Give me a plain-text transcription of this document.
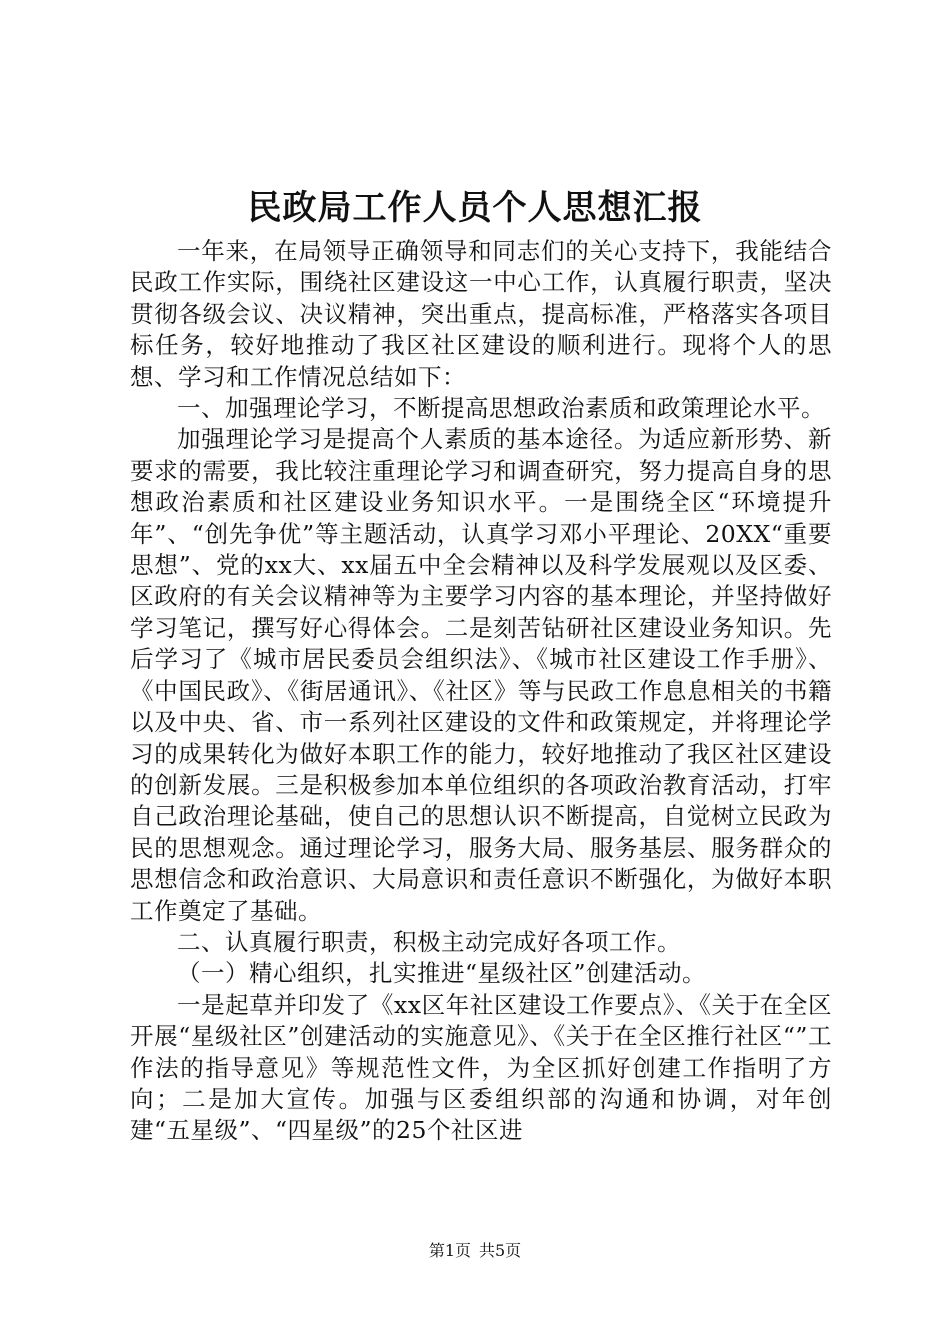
民政局工作人员个人思想汇报

一年来，在局领导正确领导和同志们的关心支持下，我能结合民政工作实际，围绕社区建设这一中心工作，认真履行职责，坚决贯彻各级会议、决议精神，突出重点，提高标准，严格落实各项目标任务，较好地推动了我区社区建设的顺利进行。现将个人的思想、学习和工作情况总结如下：

一、加强理论学习，不断提高思想政治素质和政策理论水平。

加强理论学习是提高个人素质的基本途径。为适应新形势、新要求的需要，我比较注重理论学习和调查研究，努力提高自身的思想政治素质和社区建设业务知识水平。一是围绕全区“环境提升年”、“创先争优”等主题活动，认真学习邓小平理论、20XX“重要思想”、党的xx大、xx届五中全会精神以及科学发展观以及区委、区政府的有关会议精神等为主要学习内容的基本理论，并坚持做好学习笔记，撰写好心得体会。二是刻苦钻研社区建设业务知识。先后学习了《城市居民委员会组织法》、《城市社区建设工作手册》、《中国民政》、《街居通讯》、《社区》等与民政工作息息相关的书籍以及中央、省、市一系列社区建设的文件和政策规定，并将理论学习的成果转化为做好本职工作的能力，较好地推动了我区社区建设的创新发展。三是积极参加本单位组织的各项政治教育活动，打牢自己政治理论基础，使自己的思想认识不断提高，自觉树立民政为民的思想观念。通过理论学习，服务大局、服务基层、服务群众的思想信念和政治意识、大局意识和责任意识不断强化，为做好本职工作奠定了基础。

二、认真履行职责，积极主动完成好各项工作。

（一）精心组织，扎实推进“星级社区”创建活动。

一是起草并印发了《xx区年社区建设工作要点》、《关于在全区开展“星级社区”创建活动的实施意见》、《关于在全区推行社区“”工作法的指导意见》等规范性文件，为全区抓好创建工作指明了方向；二是加大宣传。加强与区委组织部的沟通和协调，对年创建“五星级”、“四星级”的25个社区进

第1页 共5页
